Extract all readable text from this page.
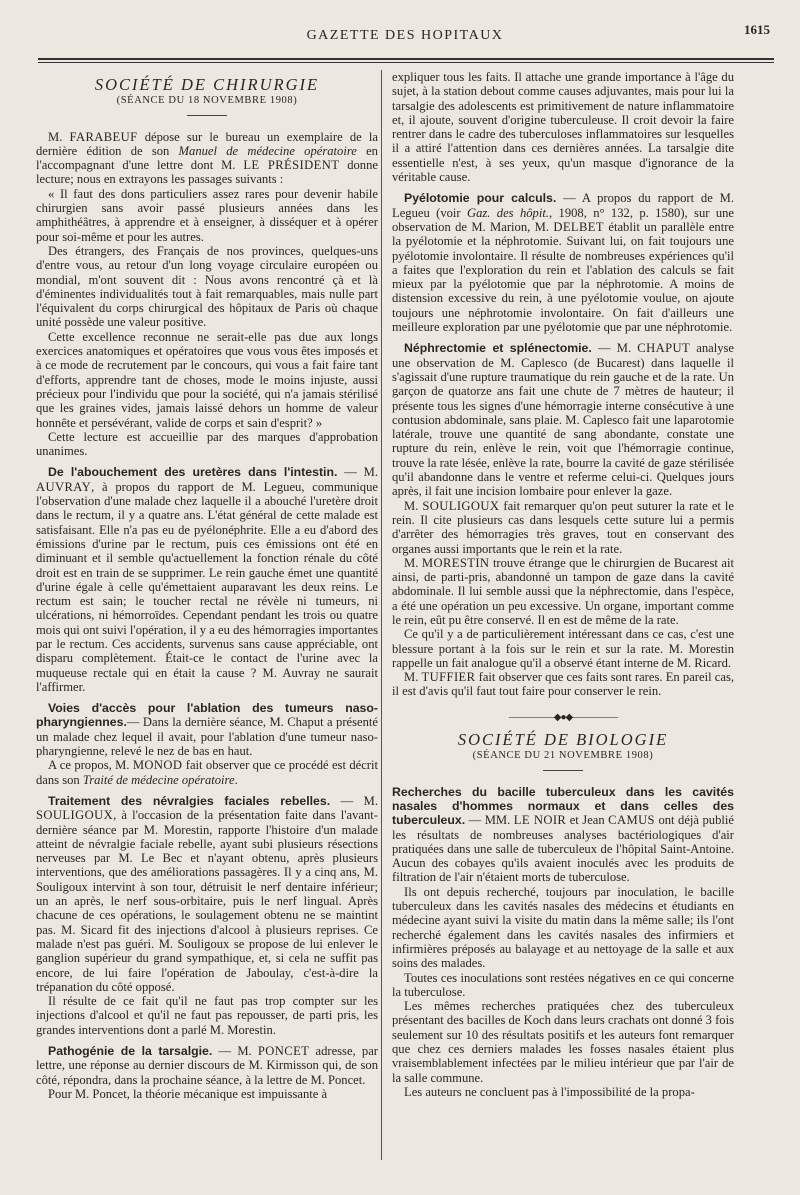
GAZETTE DES HOPITAUX	1615
SOCIÉTÉ DE CHIRURGIE
(SÉANCE DU 18 NOVEMBRE 1908)

M. FARABEUF dépose sur le bureau un exemplaire de la dernière édition de son Manuel de médecine opératoire en l'accompagnant d'une lettre dont M. LE PRÉSIDENT donne lecture; nous en extrayons les passages suivants :

« Il faut des dons particuliers assez rares pour devenir habile chirurgien sans avoir passé plusieurs années dans les amphithéâtres, à apprendre et à enseigner, à disséquer et à opérer pour soi-même et pour les autres.

Des étrangers, des Français de nos provinces, quelques-uns d'entre vous, au retour d'un long voyage circulaire européen ou mondial, m'ont souvent dit : Nous avons rencontré çà et là d'éminentes individualités tout à fait remarquables, mais nulle part l'équivalent du corps chirurgical des hôpitaux de Paris où chaque unité possède une valeur positive.

Cette excellence reconnue ne serait-elle pas due aux longs exercices anatomiques et opératoires que vous vous êtes imposés et à ce mode de recrutement par le concours, qui vous a fait faire tant d'efforts, apprendre tant de choses, mode le moins injuste, aussi précieux pour l'individu que pour la société, qui n'a jamais stérilisé que les graines vides, jamais laissé dehors un homme de valeur honnête et persévérant, valide de corps et sain d'esprit? »

Cette lecture est accueillie par des marques d'approbation unanimes.

De l'abouchement des uretères dans l'intestin. — M. AUVRAY, à propos du rapport de M. Legueu, communique l'observation d'une malade chez laquelle il a abouché l'uretère droit dans le rectum, il y a quatre ans. L'état général de cette malade est satisfaisant. Elle n'a pas eu de pyélonéphrite. Elle a eu d'abord des émissions d'urine par le rectum, puis ces émissions ont été en diminuant et il semble qu'actuellement la fonction rénale du côté droit est en train de se supprimer. Le rein gauche émet une quantité d'urine égale à celle qu'émettaient auparavant les deux reins. Le rectum est sain; le toucher rectal ne révèle ni tumeurs, ni ulcérations, ni hémorroïdes. Cependant pendant les trois ou quatre mois qui ont suivi l'opération, il y a eu des hémorragies importantes par le rectum. Ces accidents, survenus sans cause appréciable, ont disparu complètement. Était-ce le contact de l'urine avec la muqueuse rectale qui en était la cause ? M. Auvray ne saurait l'affirmer.

Voies d'accès pour l'ablation des tumeurs naso-pharyngiennes.— Dans la dernière séance, M. Chaput a présenté un malade chez lequel il avait, pour l'ablation d'une tumeur naso-pharyngienne, relevé le nez de bas en haut.

A ce propos, M. MONOD fait observer que ce procédé est décrit dans son Traité de médecine opératoire.

Traitement des névralgies faciales rebelles. — M. SOULIGOUX, à l'occasion de la présentation faite dans l'avant-dernière séance par M. Morestin, rapporte l'histoire d'un malade atteint de névralgie faciale rebelle, ayant subi plusieurs résections nerveuses par M. Le Bec et n'ayant obtenu, après plusieurs interventions, que des améliorations passagères. Il y a cinq ans, M. Souligoux intervint à son tour, détruisit le nerf dentaire inférieur; un an après, le nerf sous-orbitaire, puis le nerf lingual. Après chacune de ces opérations, le soulagement obtenu ne se maintint pas. M. Sicard fit des injections d'alcool à plusieurs reprises. Ce malade n'est pas guéri. M. Souligoux se propose de lui enlever le ganglion supérieur du grand sympathique, et, si cela ne suffit pas encore, de lui faire l'opération de Jaboulay, c'est-à-dire la trépanation du côté opposé.

Il résulte de ce fait qu'il ne faut pas trop compter sur les injections d'alcool et qu'il ne faut pas repousser, de parti pris, les grandes interventions dont a parlé M. Morestin.

Pathogénie de la tarsalgie. — M. PONCET adresse, par lettre, une réponse au dernier discours de M. Kirmisson qui, de son côté, répondra, dans la prochaine séance, à la lettre de M. Poncet.

Pour M. Poncet, la théorie mécanique est impuissante à

expliquer tous les faits. Il attache une grande importance à l'âge du sujet, à la station debout comme causes adjuvantes, mais pour lui la tarsalgie des adolescents est primitivement de nature inflammatoire et, il ajoute, souvent d'origine tuberculeuse. Il croit devoir la faire rentrer dans le cadre des tuberculoses inflammatoires sur lesquelles il a attiré l'attention dans ces dernières années. La tarsalgie dite essentielle n'est, à ses yeux, qu'un masque d'ignorance de la véritable cause.

Pyélotomie pour calculs. — A propos du rapport de M. Legueu (voir Gaz. des hôpit., 1908, n° 132, p. 1580), sur une observation de M. Marion, M. DELBET établit un parallèle entre la pyélotomie et la néphrotomie. Suivant lui, on fait toujours une pyélotomie involontaire. Il résulte de nombreuses expériences qu'il a faites que l'exploration du rein et l'ablation des calculs se fait mieux par la pyélotomie que par la néphrotomie. A moins de distension excessive du rein, à une pyélotomie voulue, on ajoute toujours une néphrotomie involontaire. On fait d'ailleurs une meilleure exploration par une pyélotomie que par une néphrotomie.

Néphrectomie et splénectomie. — M. CHAPUT analyse une observation de M. Caplesco (de Bucarest) dans laquelle il s'agissait d'une rupture traumatique du rein gauche et de la rate. Un garçon de quatorze ans fait une chute de 7 mètres de hauteur; il présente tous les signes d'une hémorragie interne consécutive à une contusion abdominale, sans plaie. M. Caplesco fait une laparotomie latérale, trouve une quantité de sang abondante, constate une rupture du rein, enlève le rein, voit que l'hémorragie continue, trouve la rate lésée, enlève la rate, bourre la cavité de gaze stérilisée qu'il abandonne dans le ventre et referme celui-ci. Quelques jours après, il fait une incision lombaire pour enlever la gaze.

M. SOULIGOUX fait remarquer qu'on peut suturer la rate et le rein. Il cite plusieurs cas dans lesquels cette suture lui a permis d'arrêter des hémorragies très graves, tout en conservant des organes aussi importants que le rein et la rate.

M. MORESTIN trouve étrange que le chirurgien de Bucarest ait ainsi, de parti-pris, abandonné un tampon de gaze dans la cavité abdominale. Il lui semble aussi que la néphrectomie, dans l'espèce, a été une opération un peu excessive. Un organe, important comme le rein, eût pu être conservé. Il en est de même de la rate.

Ce qu'il y a de particulièrement intéressant dans ce cas, c'est une blessure portant à la fois sur le rein et sur la rate. M. Morestin rappelle un fait analogue qu'il a observé étant interne de M. Ricard.

M. TUFFIER fait observer que ces faits sont rares. En pareil cas, il est d'avis qu'il faut tout faire pour conserver le rein.

―――――◆●◆―――――
SOCIÉTÉ DE BIOLOGIE
(SÉANCE DU 21 NOVEMBRE 1908)

Recherches du bacille tuberculeux dans les cavités nasales d'hommes normaux et dans celles des tuberculeux. — MM. LE NOIR et Jean CAMUS ont déjà publié les résultats de nombreuses analyses bactériologiques d'air pratiquées dans une salle de tuberculeux de l'hôpital Saint-Antoine. Aucun des cobayes qu'ils avaient inoculés avec les produits de filtration de l'air n'étaient morts de tuberculose.

Ils ont depuis recherché, toujours par inoculation, le bacille tuberculeux dans les cavités nasales des médecins et étudiants en médecine ayant suivi la visite du matin dans la même salle; ils l'ont recherché également dans les cavités nasales des infirmiers et infirmières préposés au balayage et au nettoyage de la salle et aux soins des malades.

Toutes ces inoculations sont restées négatives en ce qui concerne la tuberculose.

Les mêmes recherches pratiquées chez des tuberculeux présentant des bacilles de Koch dans leurs crachats ont donné 3 fois seulement sur 10 des résultats positifs et les auteurs font remarquer que chez ces derniers malades les fosses nasales étaient plus vraisemblablement infectées par le milieu intérieur que par l'air de la salle commune.

Les auteurs ne concluent pas à l'impossibilité de la propa-
